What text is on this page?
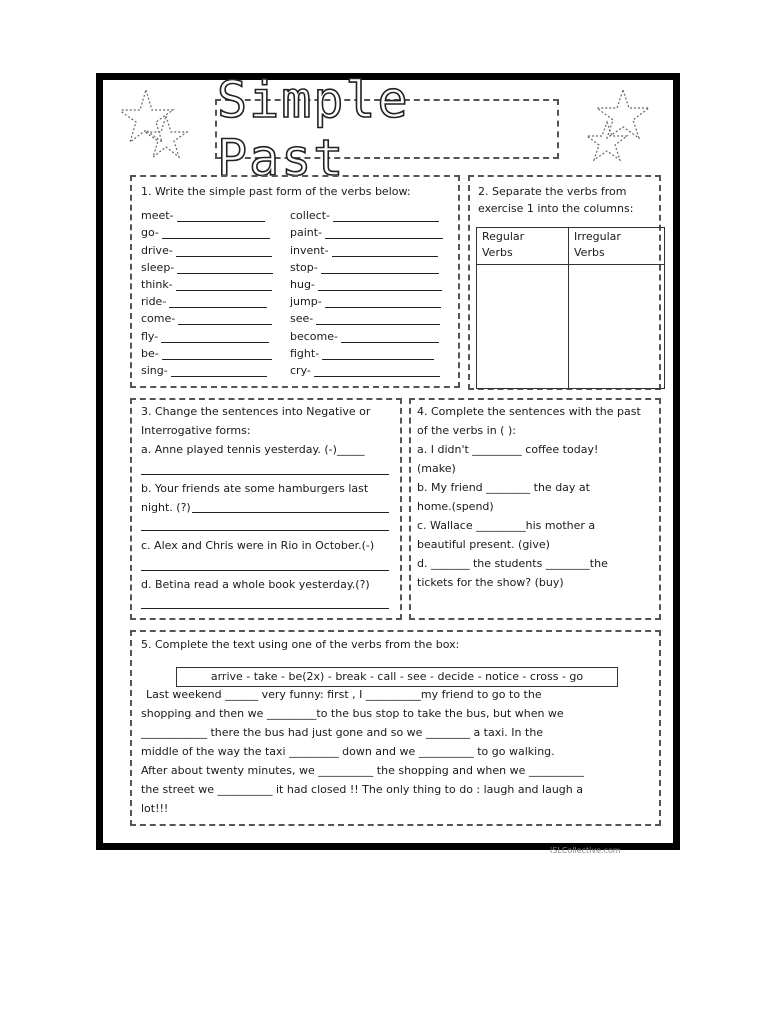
Simple Past
1. Write the simple past form of the verbs below:
meet-
go-
drive-
sleep-
think-
ride-
come-
fly-
be-
sing-
collect-
paint-
invent-
stop-
hug-
jump-
see-
become-
fight-
cry-
2. Separate the verbs from
exercise 1 into the columns:
Regular
Verbs
Irregular
Verbs
3. Change the sentences into Negative or
Interrogative forms:
a. Anne played tennis yesterday. (-)_____
b. Your friends ate some hamburgers last
night. (?)
c. Alex and Chris were in Rio in October.(-)
d. Betina read a whole book yesterday.(?)
4. Complete the sentences with the past
of the verbs in ( ):
a. I didn't _________ coffee today!
(make)
b. My friend ________ the day at
home.(spend)
c. Wallace _________his mother a
beautiful present. (give)
d. _______ the students ________the
tickets for the show? (buy)
5. Complete the text using one of the verbs from the box:
arrive - take - be(2x) - break - call - see - decide - notice - cross - go
Last weekend ______ very funny: first , I __________my friend to go to the
shopping and then we _________to the bus stop to take the bus, but when we
____________ there the bus had just gone and so we ________ a taxi. In the
middle of the way the taxi _________ down and we __________ to go walking.
After about twenty minutes, we __________ the shopping and when we __________
the street we __________ it had closed !! The only thing to do : laugh and laugh a
lot!!!
iSLCollective.com
